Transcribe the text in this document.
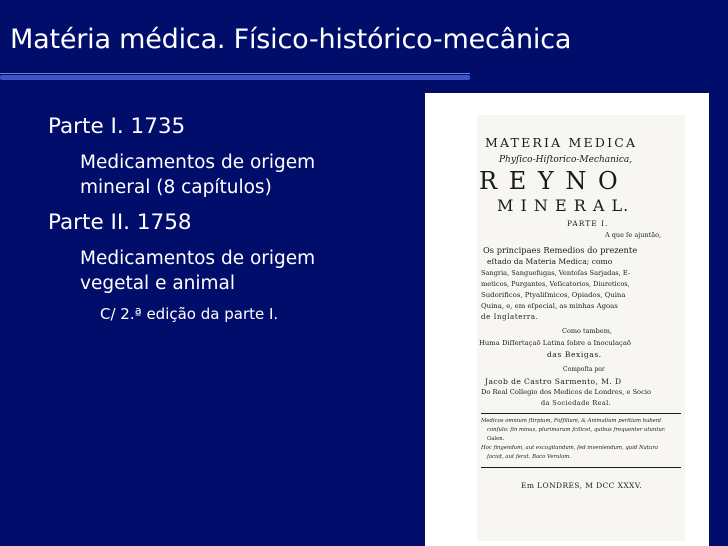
Matéria médica. Físico-histórico-mecânica
Parte I. 1735
Medicamentos de origem
mineral (8 capítulos)
Parte II. 1758
Medicamentos de origem
vegetal e animal
C/ 2.ª edição da parte I.
MATERIA MEDICA
Phyſico-Hiſtorico-Mechanica,
R E Y N O
M I N E R A L.
PARTE I.
A que ſe ajuntão,
Os principaes Remedios do prezente
eſtado da Materia Medica; como
Sangria, Sanguefugas, Ventoſas Sarjadas, E-
meticos, Purgantes, Veſicatorios, Diureticos,
Sudorificos, Ptyaliſmicos, Opiados, Quina
Quina, e, em eſpecial, as minhas Agoas
de Inglaterra.
Como tambem,
Huma Diſſertaçaõ Latina ſobre a Inoculaçaõ
das Bexigas.
Compoſta por
Jacob de Castro Sarmento, M. D
Do Real Collegio dos Medicos de Londres, e Socio
da Sociedade Real.
Medicos omnium ſtirpium, Foſſilium, & Animalium peritiam habent
conſulo: ſin minus, plurimarum ſcilicet, quibus frequenter utuntur.
Galen.
Hoc fingendum, aut excogitandum, ſed inveniendum, quid Natura
faciat, aut ferat. Baco Verulam.
Em LONDRES, M DCC XXXV.
